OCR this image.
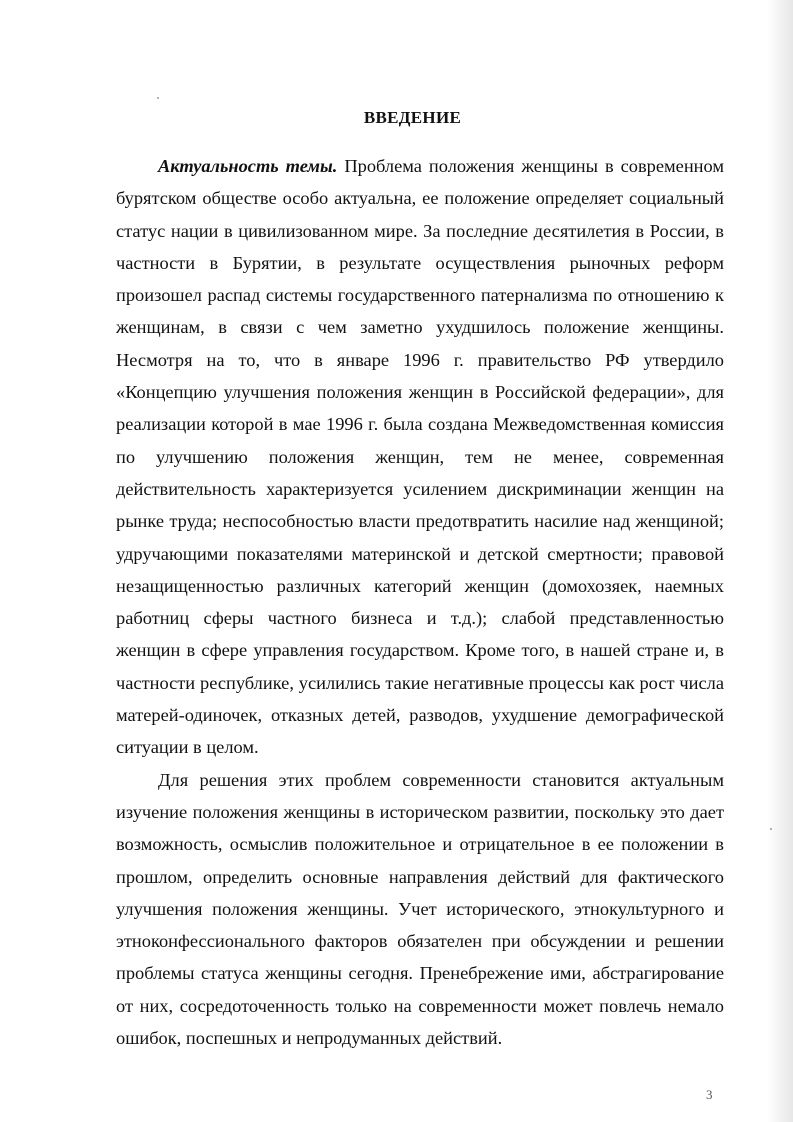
ВВЕДЕНИЕ

Актуальность темы. Проблема положения женщины в современном бурятском обществе особо актуальна, ее положение определяет социальный статус нации в цивилизованном мире. За последние десятилетия в России, в частности в Бурятии, в результате осуществления рыночных реформ произошел распад системы государственного патернализма по отношению к женщинам, в связи с чем заметно ухудшилось положение женщины. Несмотря на то, что в январе 1996 г. правительство РФ утвердило «Концепцию улучшения положения женщин в Российской федерации», для реализации которой в мае 1996 г. была создана Межведомственная комиссия по улучшению положения женщин, тем не менее, современная действительность характеризуется усилением дискриминации женщин на рынке труда; неспособностью власти предотвратить насилие над женщиной; удручающими показателями материнской и детской смертности; правовой незащищенностью различных категорий женщин (домохозяек, наемных работниц сферы частного бизнеса и т.д.); слабой представленностью женщин в сфере управления государством. Кроме того, в нашей стране и, в частности республике, усилились такие негативные процессы как рост числа матерей-одиночек, отказных детей, разводов, ухудшение демографической ситуации в целом.

Для решения этих проблем современности становится актуальным изучение положения женщины в историческом развитии, поскольку это дает возможность, осмыслив положительное и отрицательное в ее положении в прошлом, определить основные направления действий для фактического улучшения положения женщины. Учет исторического, этнокультурного и этноконфессионального факторов обязателен при обсуждении и решении проблемы статуса женщины сегодня. Пренебрежение ими, абстрагирование от них, сосредоточенность только на современности может повлечь немало ошибок, поспешных и непродуманных действий.

3
